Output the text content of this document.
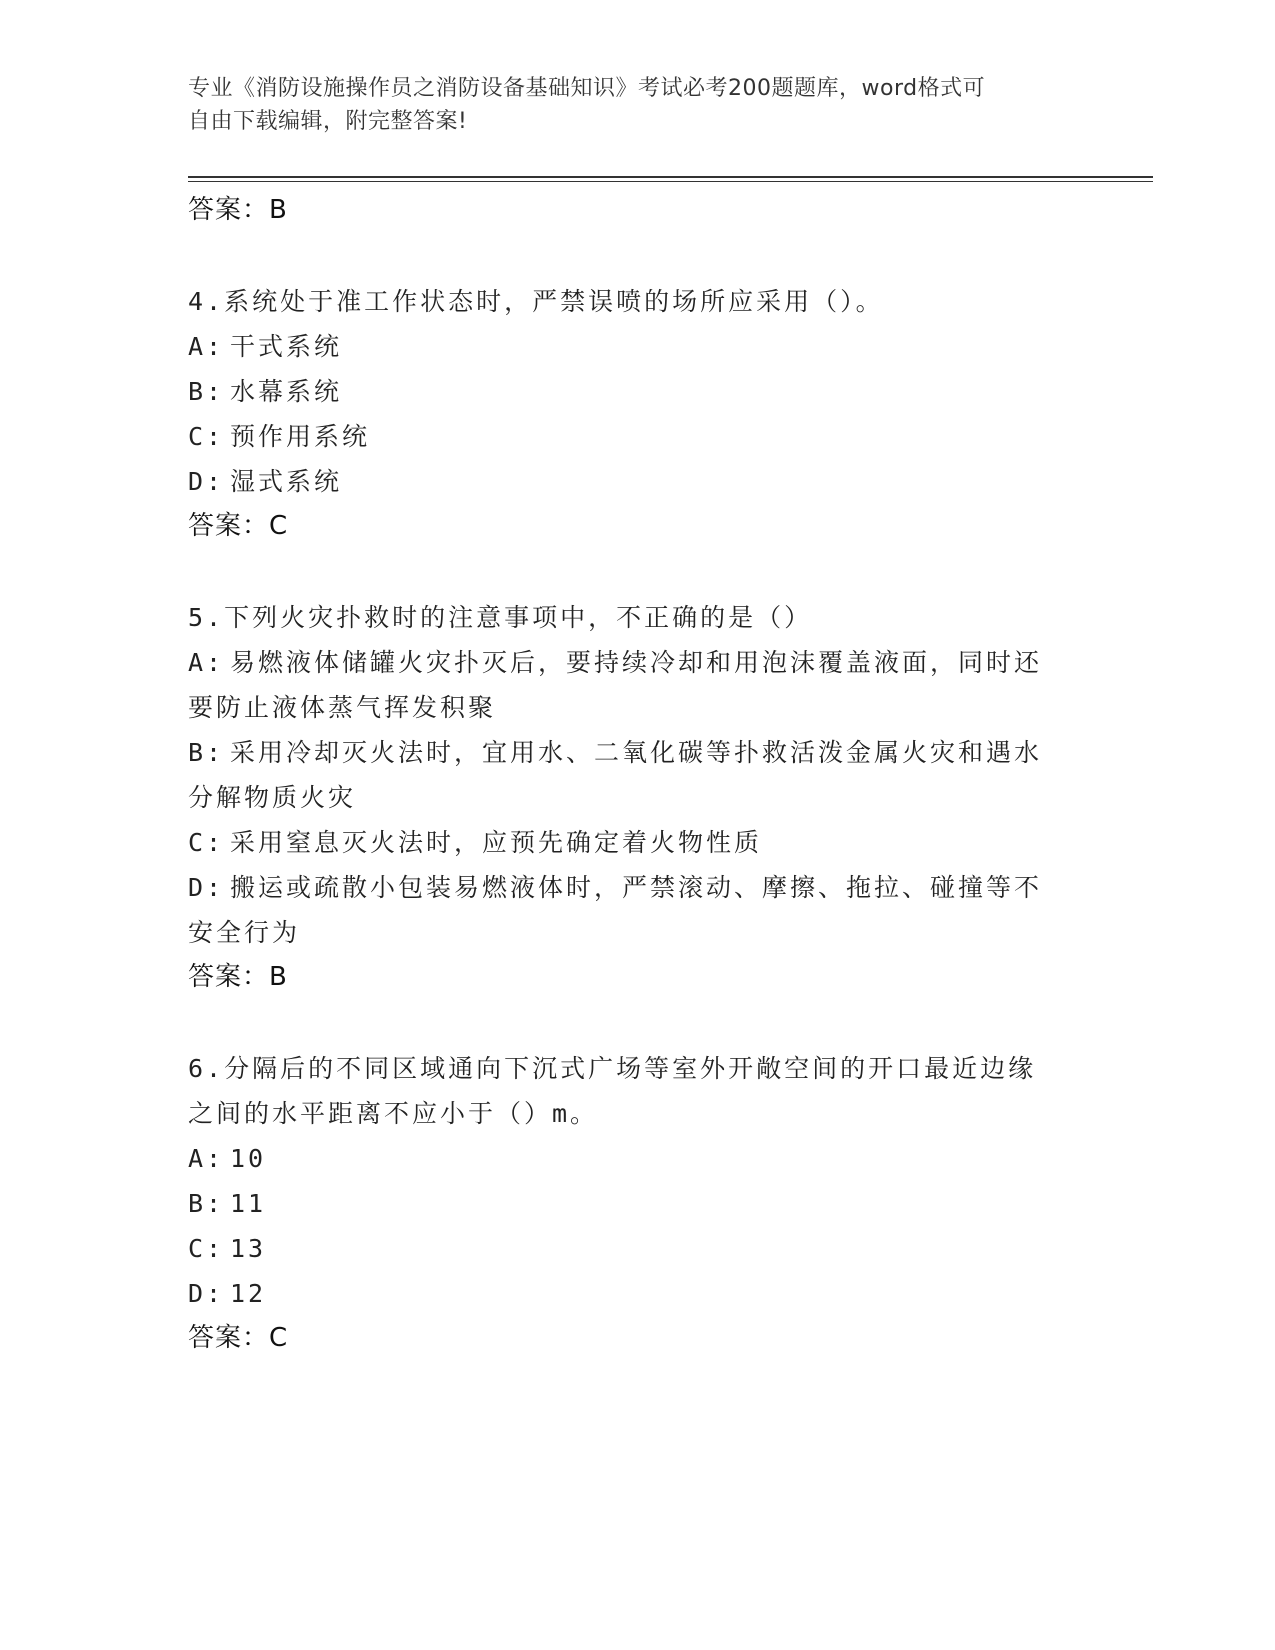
专业《消防设施操作员之消防设备基础知识》考试必考200题题库，word格式可
自由下载编辑，附完整答案!
答案：B
4.系统处于准工作状态时，严禁误喷的场所应采用（）。
A: 干式系统
B: 水幕系统
C: 预作用系统
D: 湿式系统
答案：C
5.下列火灾扑救时的注意事项中，不正确的是（）
A: 易燃液体储罐火灾扑灭后，要持续冷却和用泡沫覆盖液面，同时还
要防止液体蒸气挥发积聚
B: 采用冷却灭火法时，宜用水、二氧化碳等扑救活泼金属火灾和遇水
分解物质火灾
C: 采用窒息灭火法时，应预先确定着火物性质
D: 搬运或疏散小包装易燃液体时，严禁滚动、摩擦、拖拉、碰撞等不
安全行为
答案：B
6.分隔后的不同区域通向下沉式广场等室外开敞空间的开口最近边缘
之间的水平距离不应小于（）m。
A: 10
B: 11
C: 13
D: 12
答案：C
